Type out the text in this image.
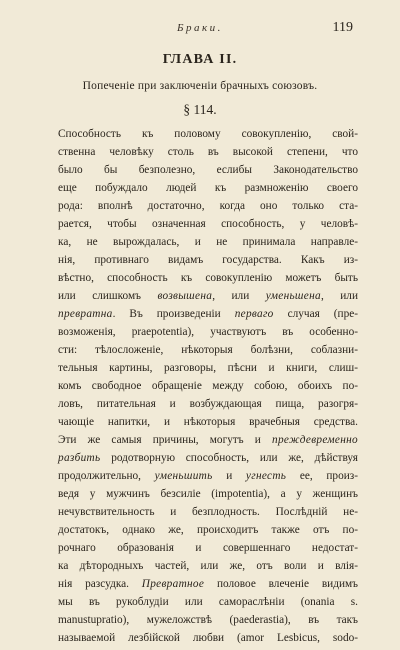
Браки.	119
ГЛАВА II.
Попеченiе при заключенiи брачныхъ союзовъ.
§ 114.
Способность къ половому совокупленiю, свой-
ственна человѣку столь въ высокой степени, что
было бы безполезно, еслибы Законодательство
еще побуждало людей къ размноженiю своего
рода: вполнѣ достаточно, когда оно только ста-
рается, чтобы означенная способность, у человѣ-
ка, не вырождалась, и не принимала направле-
нiя, противнаго видамъ государства. Какъ из-
вѣстно, способность къ совокупленiю можетъ быть
или слишкомъ возвышена, или уменьшена, или
превратна. Въ произведенiи перваго случая (пре-
возможенiя, praepotentia), участвуютъ въ особенно-
сти: тѣлосложенiе, нѣкоторыя болѣзни, соблазни-
тельныя картины, разговоры, пѣсни и книги, слиш-
комъ свободное обращенiе между собою, обоихъ по-
ловъ, питательная и возбуждающая пища, разогря-
чающiе напитки, и нѣкоторыя врачебныя средства.
Эти же самыя причины, могутъ и преждевременно
разбить родотворную способность, или же, дѣйствуя
продолжительно, уменьшить и угнесть ее, произ-
ведя у мужчинъ безсилiе (impotentia), а у женщинъ
нечувствительность и безплодность. Послѣднiй не-
достатокъ, однако же, происходитъ также отъ по-
рочнаго образованiя и совершеннаго недостат-
ка дѣтородныхъ частей, или же, отъ воли и влiя-
нiя разсудка. Превратное половое влеченiе видимъ
мы въ рукоблудiи или самораслѣнiи (onania s.
manustupratio), мужеложствѣ (paederastia), въ такъ
называемой лезбiйской любви (amor Lesbicus, sodo-
